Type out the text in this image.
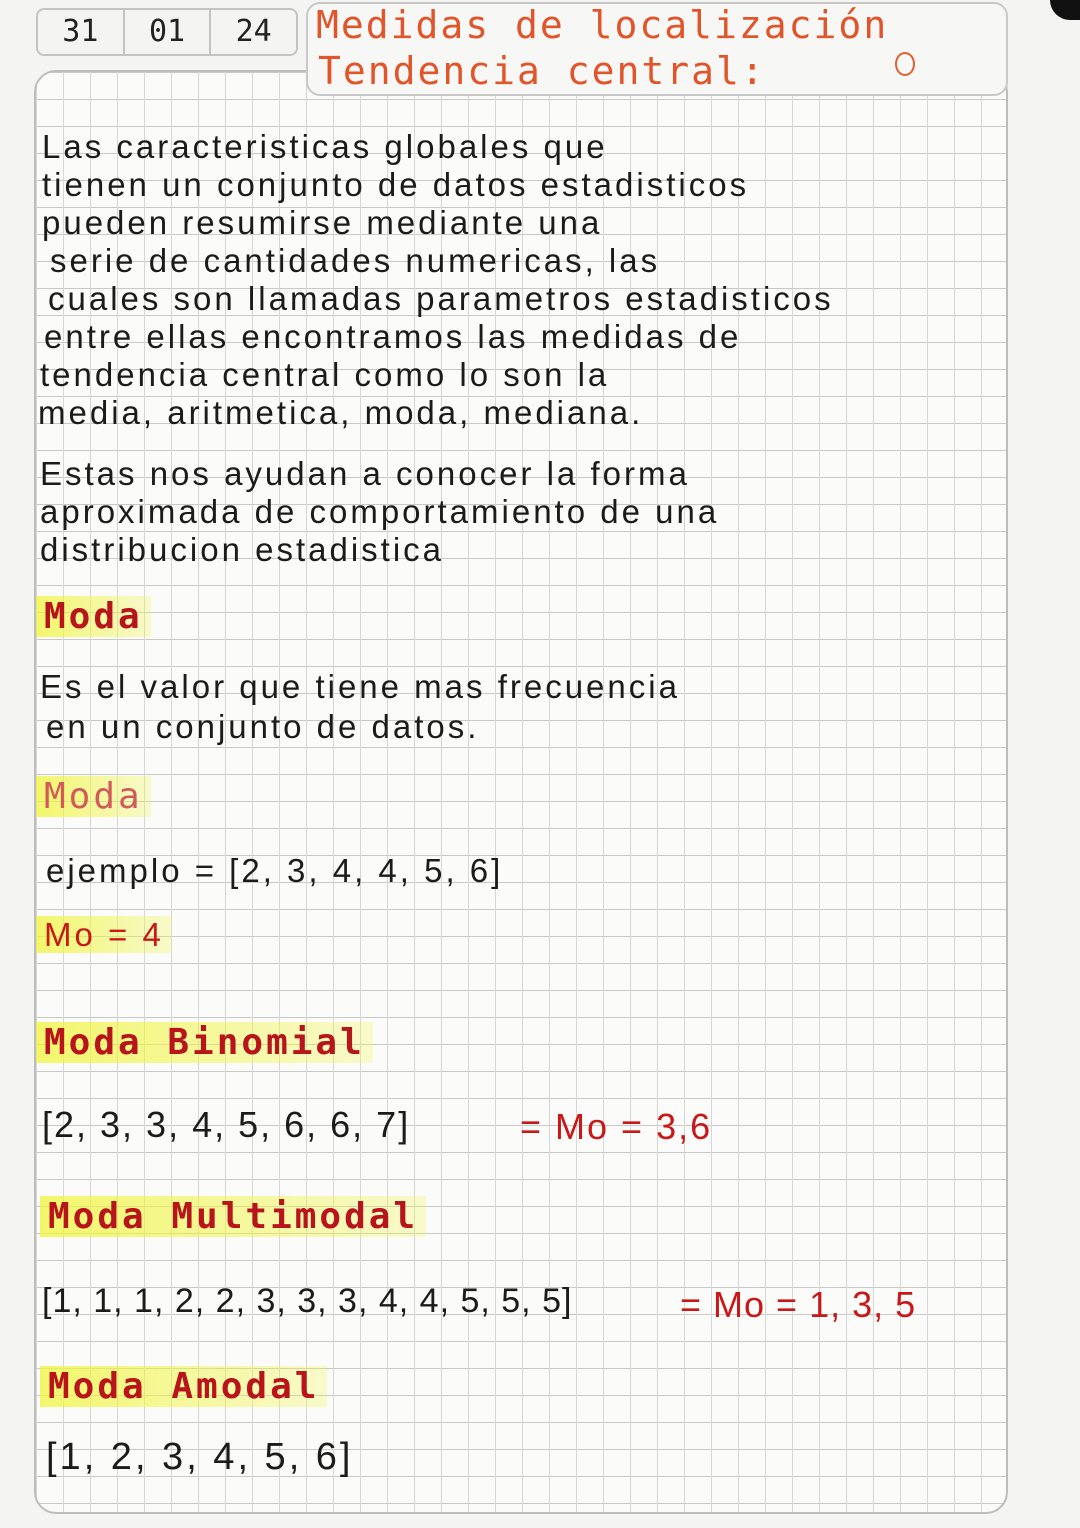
31	01	24	Medidas de localización
Tendencia central:
Las caracteristicas globales que
tienen un conjunto de datos estadisticos
pueden resumirse mediante una
serie de cantidades numericas, las
cuales son llamadas parametros estadisticos
entre ellas encontramos las medidas de
tendencia central como lo son la
media, aritmetica, moda, mediana.
Estas nos ayudan a conocer la forma
aproximada de comportamiento de una
distribucion estadistica
Moda
Es el valor que tiene mas frecuencia
en un conjunto de datos.
Moda
ejemplo = [2, 3, 4, 4, 5, 6]
Mo = 4
Moda Binomial
[2, 3, 3, 4, 5, 6, 6, 7]	= Mo = 3,6
Moda Multimodal
[1, 1, 1, 2, 2, 3, 3, 3, 4, 4, 5, 5, 5]	= Mo = 1, 3, 5
Moda Amodal
[1, 2, 3, 4, 5, 6]
